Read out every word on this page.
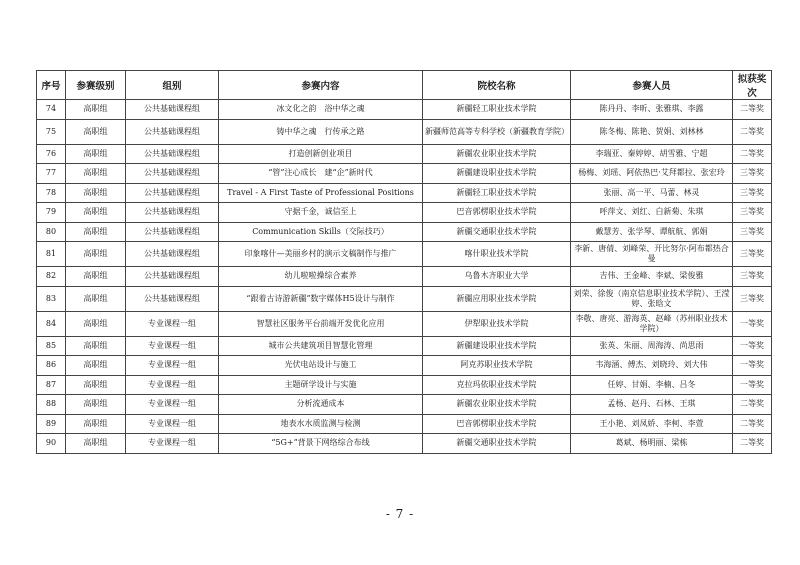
序号	参赛级别	组别	参赛内容	院校名称	参赛人员	拟获奖次
74	高职组	公共基础课程组	冰文化之韵　浴中华之魂	新疆轻工职业技术学院	陈丹丹、李昕、张雅琪、李露	二等奖
75	高职组	公共基础课程组	铸中华之魂　行传承之路	新疆师范高等专科学校（新疆教育学院）	陈冬梅、陈艳、贺娟、刘林林	二等奖
76	高职组	公共基础课程组	打造创新创业项目	新疆农业职业技术学院	李瑞亚、秦婷婷、胡雪雅、宁超	二等奖
77	高职组	公共基础课程组	“管”注心成长　建“企”新时代	新疆建设职业技术学院	杨梅、刘瑶、阿依热巴·艾拜都拉、张宏玲	三等奖
78	高职组	公共基础课程组	Travel - A First Taste of Professional Positions	新疆轻工职业技术学院	张丽、高一平、马蕾、林灵	三等奖
79	高职组	公共基础课程组	守据千金，诚信至上	巴音郭楞职业技术学院	呼萍文、刘红、白新菊、朱琪	三等奖
80	高职组	公共基础课程组	Communication Skills（交际技巧）	新疆交通职业技术学院	戴慧芳、张学琴、谭航航、郭娟	三等奖
81	高职组	公共基础课程组	印象喀什—美丽乡村的演示文稿制作与推广	喀什职业技术学院	李新、唐倩、刘峰荣、开比努尔·阿布都热合曼	三等奖
82	高职组	公共基础课程组	幼儿啦啦操综合素养	乌鲁木齐职业大学	吉伟、王金峰、李斌、梁俊雅	三等奖
83	高职组	公共基础课程组	“跟着古诗游新疆”数字媒体H5设计与制作	新疆应用职业技术学院	刘荣、徐俊（南京信息职业技术学院）、王滢婷、张晗文	三等奖
84	高职组	专业课程一组	智慧社区服务平台前端开发优化应用	伊犁职业技术学院	李敬、唐亮、游海英、赵峰（苏州职业技术学院）	一等奖
85	高职组	专业课程一组	城市公共建筑项目智慧化管理	新疆建设职业技术学院	张英、朱丽、周海涛、尚思雨	一等奖
86	高职组	专业课程一组	光伏电站设计与施工	阿克苏职业技术学院	韦海涵、傅杰、刘晓玲、刘大伟	一等奖
87	高职组	专业课程一组	主题研学设计与实施	克拉玛依职业技术学院	任婷、甘娟、李楠、吕冬	一等奖
88	高职组	专业课程一组	分析流通成本	新疆农业职业技术学院	孟杨、赵丹、石林、王琪	二等奖
89	高职组	专业课程一组	地表水水质监测与检测	巴音郭楞职业技术学院	王小艳、刘凤娇、李柯、李萱	二等奖
90	高职组	专业课程一组	“5G+”背景下网络综合布线	新疆交通职业技术学院	葛斌、杨明丽、梁栋	二等奖
- 7 -
